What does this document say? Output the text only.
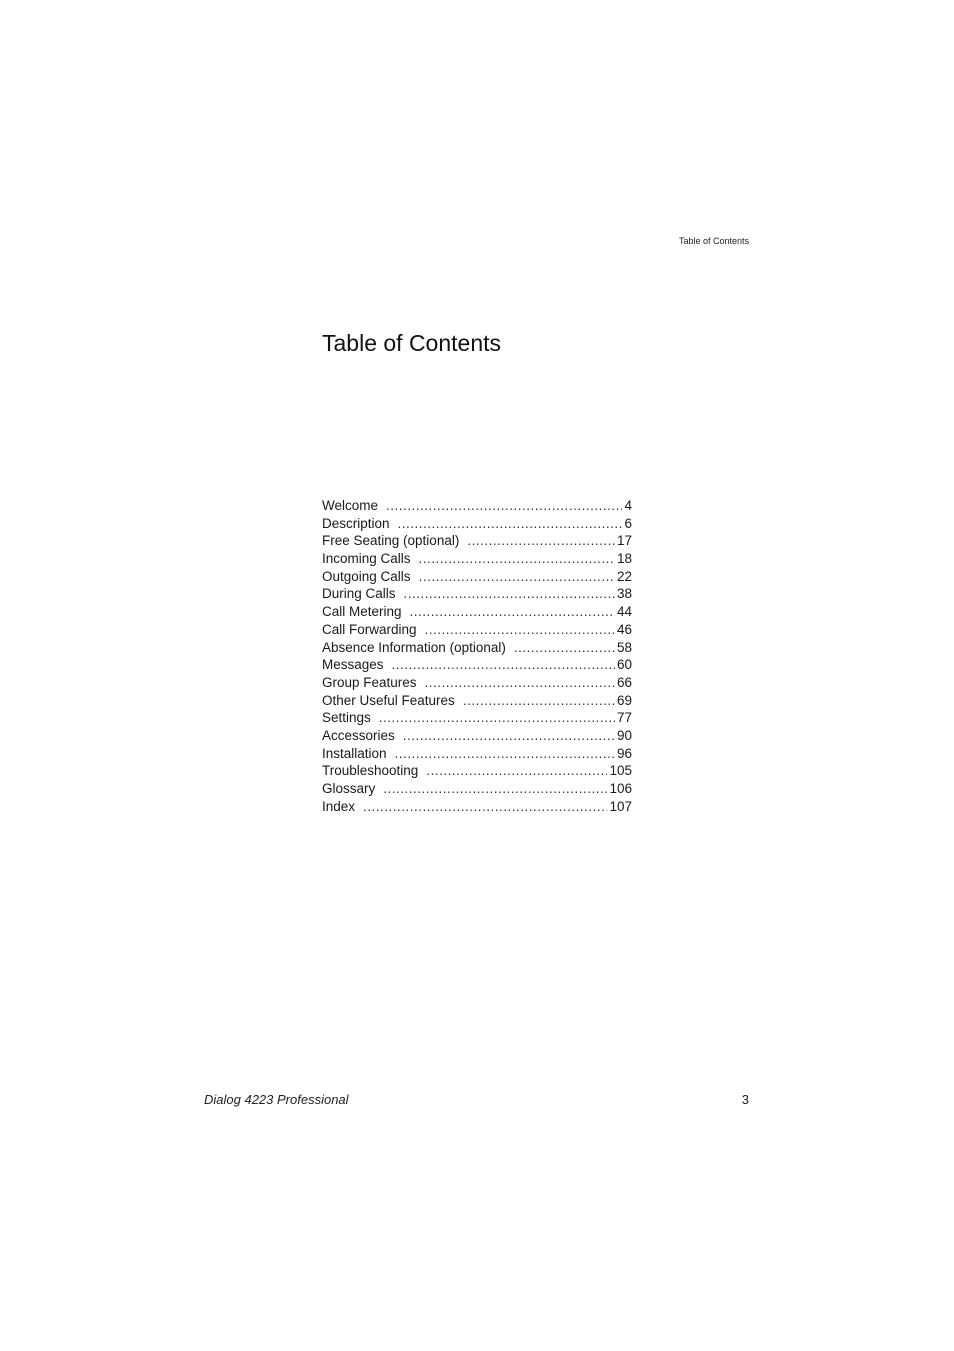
Table of Contents
Table of Contents
Welcome .....	4
Description .....	6
Free Seating (optional) .....	17
Incoming Calls .....	18
Outgoing Calls .....	22
During Calls .....	38
Call Metering .....	44
Call Forwarding .....	46
Absence Information (optional) .....	58
Messages .....	60
Group Features .....	66
Other Useful Features .....	69
Settings .....	77
Accessories .....	90
Installation .....	96
Troubleshooting .....	105
Glossary .....	106
Index .....	107
Dialog 4223 Professional	3
